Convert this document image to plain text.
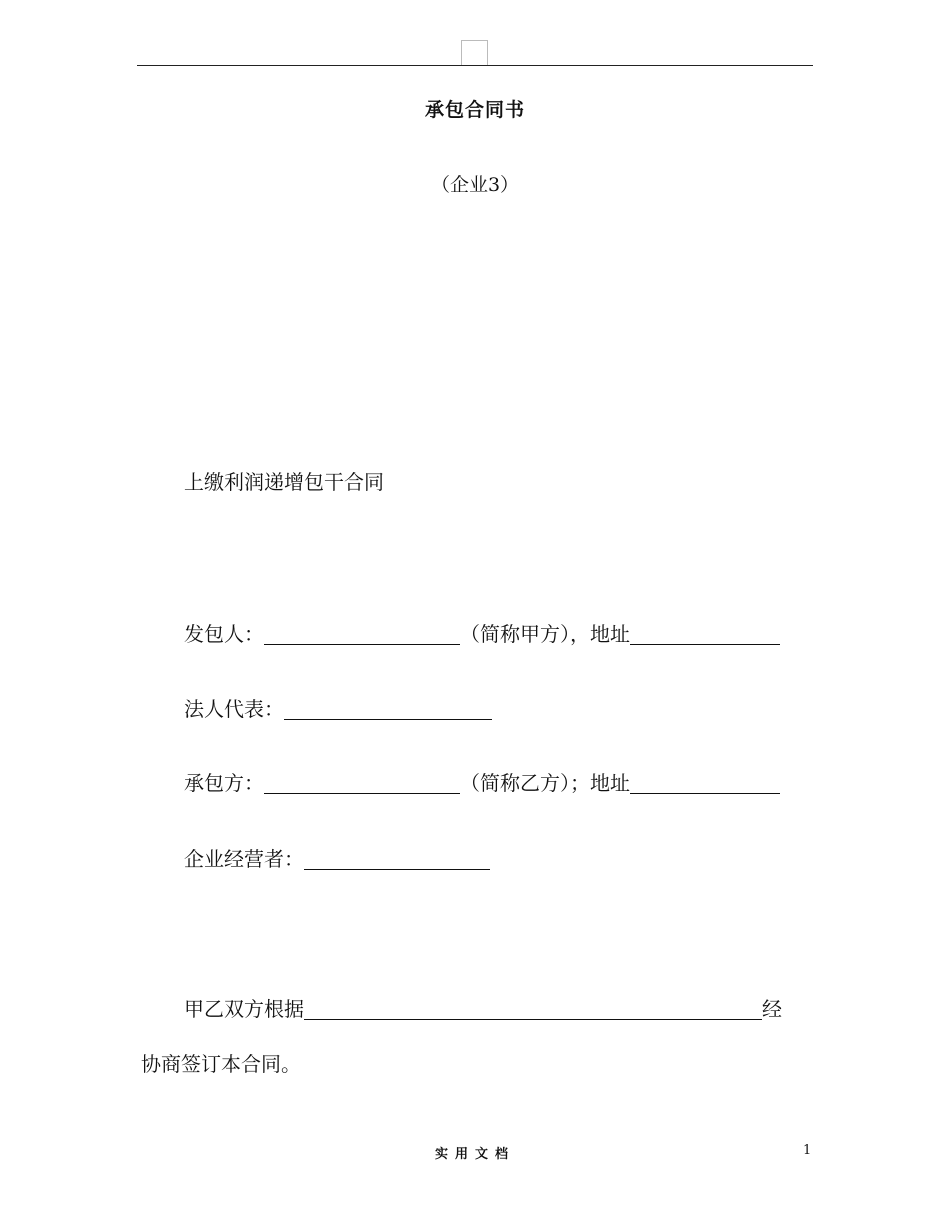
承包合同书
（企业3）
上缴利润递增包干合同
发包人：	（简称甲方），地址
法人代表：
承包方：	（简称乙方）；地址
企业经营者：
甲乙双方根据	经
协商签订本合同。
实用文档	1
